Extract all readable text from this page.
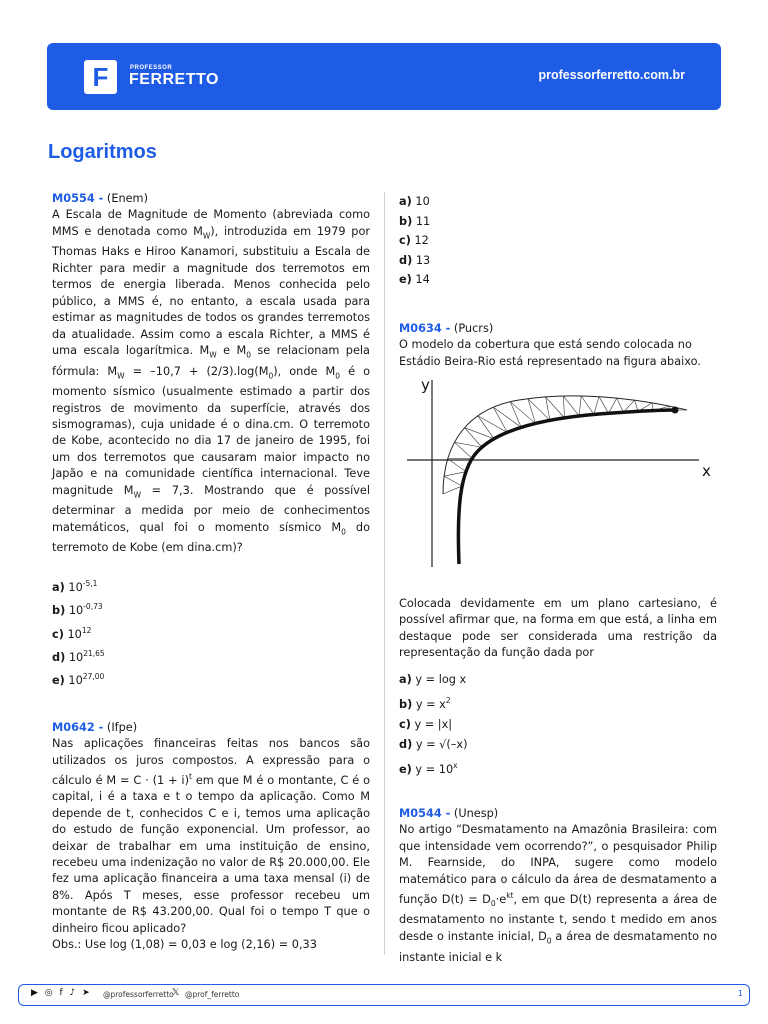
F	PROFESSOR
FERRETTO	professorferretto.com.br
Logaritmos

M0554 - (Enem)

A Escala de Magnitude de Momento (abreviada como MMS e denotada como $M_W$), introduzida em 1979 por Thomas Haks e Hiroo Kanamori, substituiu a Escala de Richter para medir a magnitude dos terremotos em termos de energia liberada. Menos conhecida pelo público, a MMS é, no entanto, a escala usada para estimar as magnitudes de todos os grandes terremotos da atualidade. Assim como a escala Richter, a MMS é uma escala logarítmica. $M_W$ e $M_0$ se relacionam pela fórmula: $M_W = -10,7 + (2/3).\log(M_0)$, onde $M_0$ é o momento sísmico (usualmente estimado a partir dos registros de movimento da superfície, através dos sismogramas), cuja unidade é o dina.cm. O terremoto de Kobe, acontecido no dia 17 de janeiro de 1995, foi um dos terremotos que causaram maior impacto no Japão e na comunidade científica internacional. Teve magnitude $M_W = 7,3$. Mostrando que é possível determinar a medida por meio de conhecimentos matemáticos, qual foi o momento sísmico $M_0$ do terremoto de Kobe (em dina.cm)?

a) $10^{-5,1}$

b) $10^{-0,73}$

c) $10^{12}$

d) 10$^{21,65}$

e) 10$^{27,00}$

M0642 - (Ifpe)

Nas aplicações financeiras feitas nos bancos são utilizados os juros compostos. A expressão para o cálculo é $M = C \cdot (1 + i)^t$ em que M é o montante, C é o capital, i é a taxa e t o tempo da aplicação. Como M depende de t, conhecidos C e i, temos uma aplicação do estudo de função exponencial. Um professor, ao deixar de trabalhar em uma instituição de ensino, recebeu uma indenização no valor de R$ 20.000,00. Ele fez uma aplicação financeira a uma taxa mensal (i) de 8%. Após T meses, esse professor recebeu um montante de R$ 43.200,00. Qual foi o tempo T que o dinheiro ficou aplicado?

Obs.: Use log (1,08) = 0,03 e log (2,16) = 0,33

a) 10

b) 11

c) 12

d) 13

e) 14

M0634 - (Pucrs)

O modelo da cobertura que está sendo colocada no Estádio Beira-Rio está representado na figura abaixo.

y
x

Colocada devidamente em um plano cartesiano, é possível afirmar que, na forma em que está, a linha em destaque pode ser considerada uma restrição da representação da função dada por

a) y = log x

b) $y = x^2$

c) y = |x|

d) y = √(–x)

e) $y = 10^x$

M0544 - (Unesp)

No artigo “Desmatamento na Amazônia Brasileira: com que intensidade vem ocorrendo?”, o pesquisador Philip M. Fearnside, do INPA, sugere como modelo matemático para o cálculo da área de desmatamento a função $D(t) = D_0\cdot e^{kt}$, em que D(t) representa a área de desmatamento no instante t, sendo t medido em anos desde o instante inicial, $D_0$ a área de desmatamento no instante inicial e k

▶ ◎ f ♪ ➤ @professorferretto
𝕏 @prof_ferretto	1
